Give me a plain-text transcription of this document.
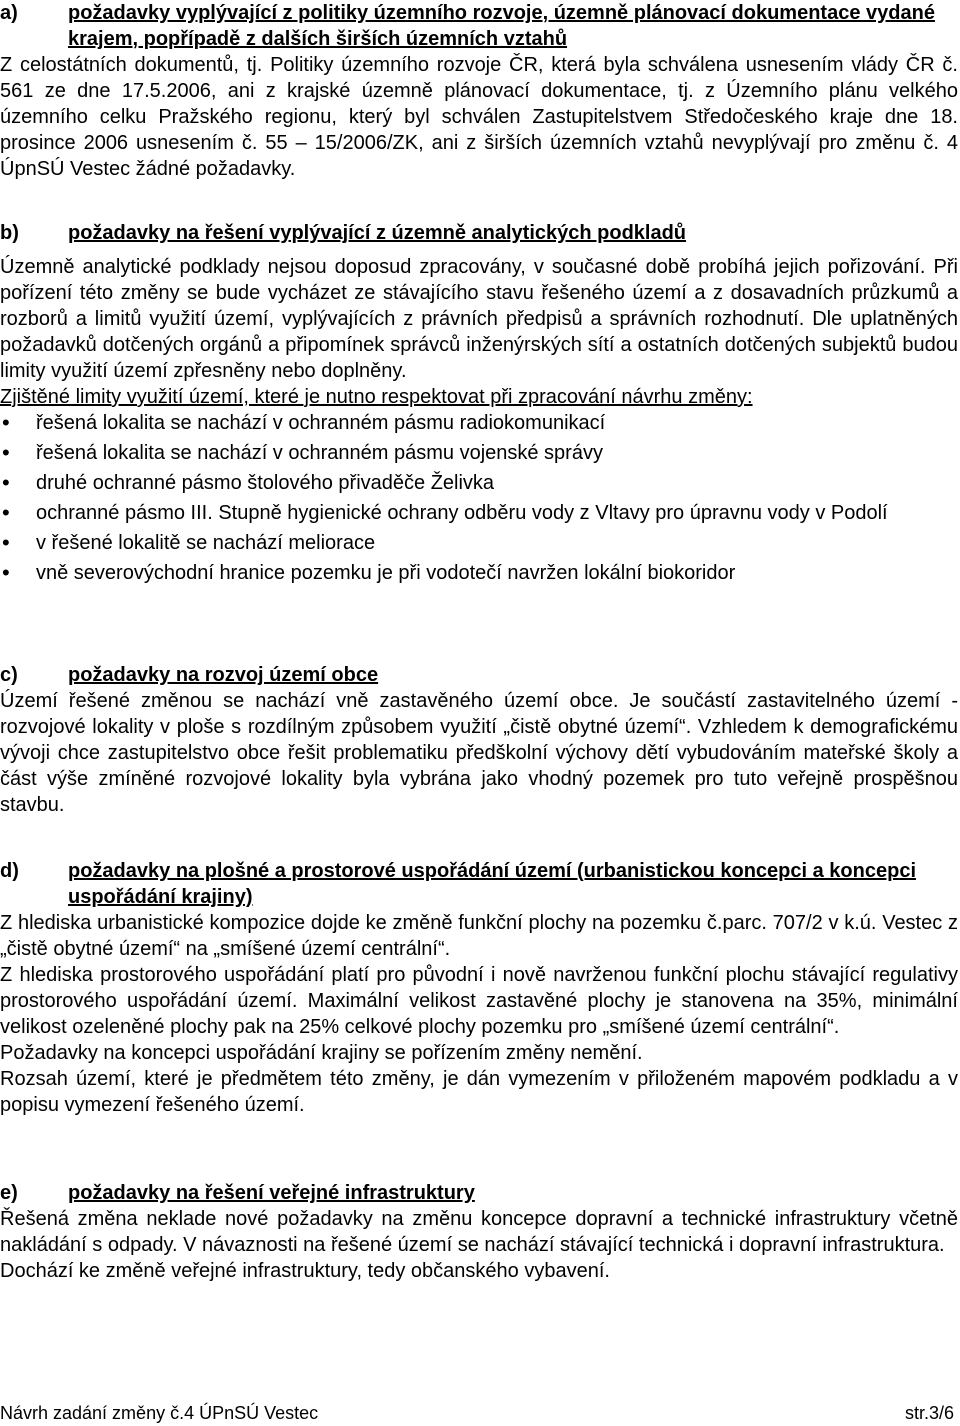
a)	požadavky vyplývající z politiky územního rozvoje, územně plánovací dokumentace vydané krajem, popřípadě z dalších širších územních vztahů

Z celostátních dokumentů, tj. Politiky územního rozvoje ČR, která byla schválena usnesením vlády ČR č. 561 ze dne 17.5.2006, ani z krajské územně plánovací dokumentace, tj. z Územního plánu velkého územního celku Pražského regionu, který byl schválen Zastupitelstvem Středočeského kraje dne 18. prosince 2006 usnesením č. 55 – 15/2006/ZK, ani z širších územních vztahů nevyplývají pro změnu č. 4 ÚpnSÚ Vestec žádné požadavky.

b)	požadavky na řešení vyplývající z územně analytických podkladů

Územně analytické podklady nejsou doposud zpracovány, v současné době probíhá jejich pořizování. Při pořízení této změny se bude vycházet ze stávajícího stavu řešeného území a z dosavadních průzkumů a rozborů a limitů využití území, vyplývajících z právních předpisů a správních rozhodnutí. Dle uplatněných požadavků dotčených orgánů a připomínek správců inženýrských sítí a ostatních dotčených subjektů budou limity využití území zpřesněny nebo doplněny.

Zjištěné limity využití území, které je nutno respektovat při zpracování návrhu změny:

• řešená lokalita se nachází v ochranném pásmu radiokomunikací
• řešená lokalita se nachází v ochranném pásmu vojenské správy
• druhé ochranné pásmo štolového přivaděče Želivka
• ochranné pásmo III. Stupně hygienické ochrany odběru vody z Vltavy pro úpravnu vody v Podolí
• v řešené lokalitě se nachází meliorace
• vně severovýchodní hranice pozemku je při vodotečí navržen lokální biokoridor
c)	požadavky na rozvoj území obce

Území řešené změnou se nachází vně zastavěného území obce. Je součástí zastavitelného území - rozvojové lokality v ploše s rozdílným způsobem využití „čistě obytné území“. Vzhledem k demografickému vývoji chce zastupitelstvo obce řešit problematiku předškolní výchovy dětí vybudováním mateřské školy a část výše zmíněné rozvojové lokality byla vybrána jako vhodný pozemek pro tuto veřejně prospěšnou stavbu.

d)	požadavky na plošné a prostorové uspořádání území (urbanistickou koncepci a koncepci uspořádání krajiny)

Z hlediska urbanistické kompozice dojde ke změně funkční plochy na pozemku č.parc. 707/2 v k.ú. Vestec z „čistě obytné území“ na „smíšené území centrální“.

Z hlediska prostorového uspořádání platí pro původní i nově navrženou funkční plochu stávající regulativy prostorového uspořádání území. Maximální velikost zastavěné plochy je stanovena na 35%, minimální velikost ozeleněné plochy pak na 25% celkové plochy pozemku pro „smíšené území centrální“.

Požadavky na koncepci uspořádání krajiny se pořízením změny nemění.

Rozsah území, které je předmětem této změny, je dán vymezením v přiloženém mapovém podkladu a v popisu vymezení řešeného území.

e)	požadavky na řešení veřejné infrastruktury

Řešená změna neklade nové požadavky na změnu koncepce dopravní a technické infrastruktury včetně nakládání s odpady. V návaznosti na řešené území se nachází stávající technická i dopravní infrastruktura.

Dochází ke změně veřejné infrastruktury, tedy občanského vybavení.

Návrh zadání změny č.4 ÚPnSÚ Vestec	str.3/6
